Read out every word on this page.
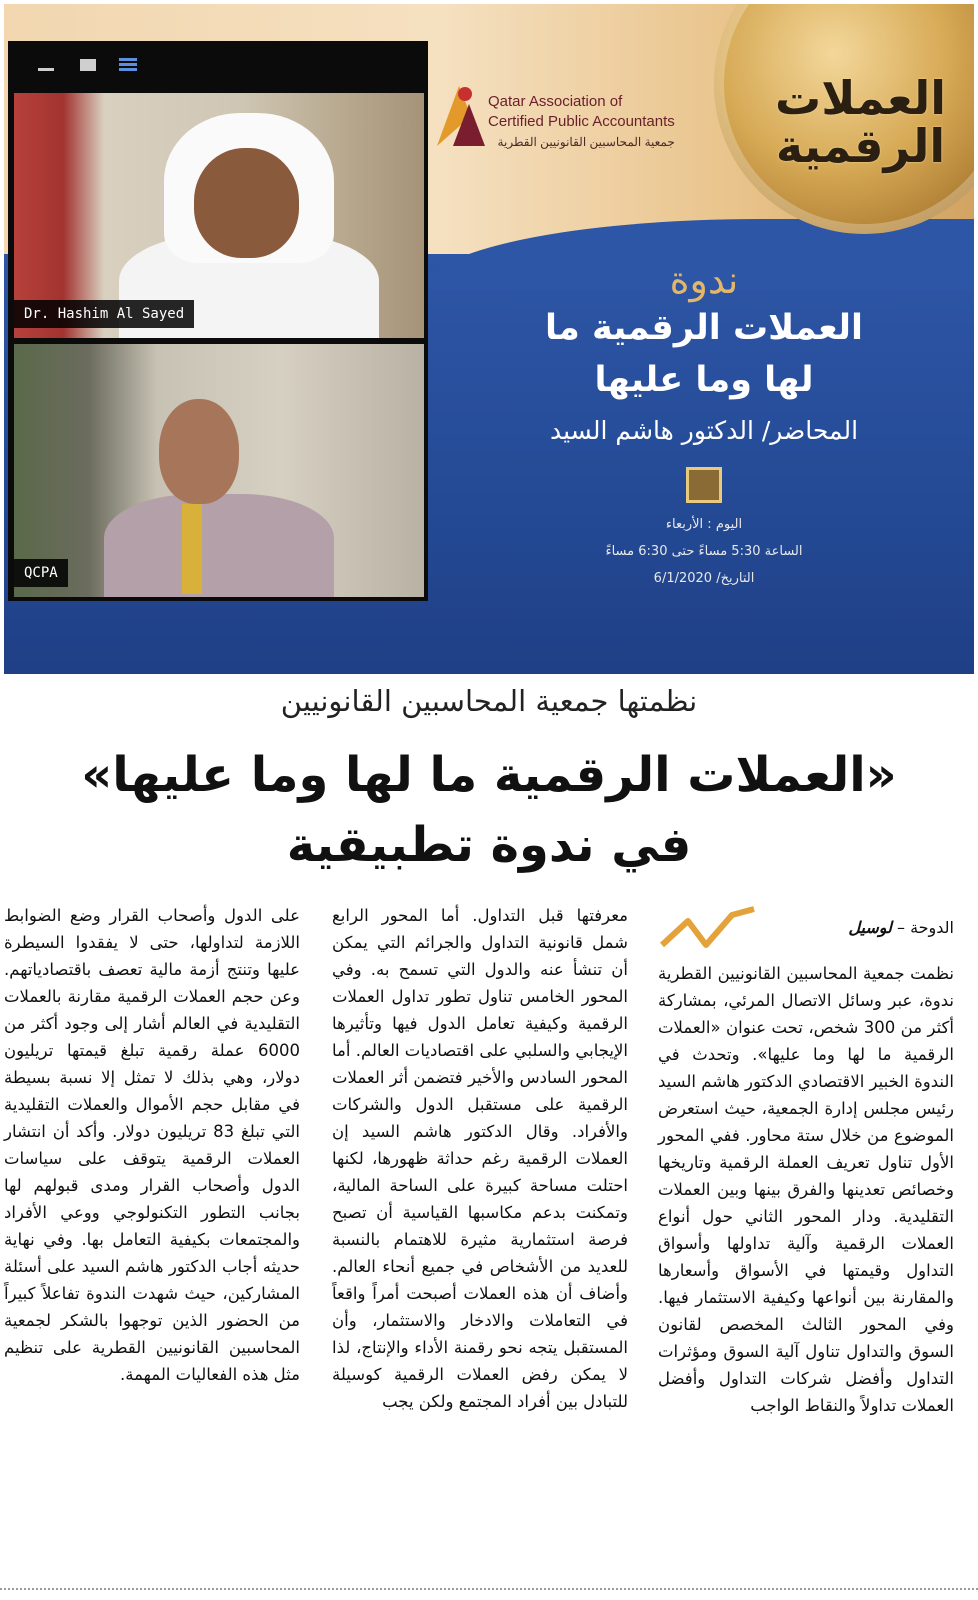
العملات
الرقمية
Qatar Association of
Certified Public Accountants
جمعية المحاسبين القانونيين القطرية
ندوة
العملات الرقمية ما
لها وما عليها
المحاضر/ الدكتور هاشم السيد
اليوم : الأربعاء
الساعة 5:30 مساءً حتى 6:30 مساءً
التاريخ/ 6/1/2020
Dr. Hashim Al Sayed
QCPA
نظمتها جمعية المحاسبين القانونيين
«العملات الرقمية ما لها وما عليها»
في ندوة تطبيقية
الدوحة – لوسيل
نظمت جمعية المحاسبين القانونيين القطرية ندوة، عبر وسائل الاتصال المرئي، بمشاركة أكثر من 300 شخص، تحت عنوان «العملات الرقمية ما لها وما عليها». وتحدث في الندوة الخبير الاقتصادي الدكتور هاشم السيد رئيس مجلس إدارة الجمعية، حيث استعرض الموضوع من خلال ستة محاور. ففي المحور الأول تناول تعريف العملة الرقمية وتاريخها وخصائص تعدينها والفرق بينها وبين العملات التقليدية. ودار المحور الثاني حول أنواع العملات الرقمية وآلية تداولها وأسواق التداول وقيمتها في الأسواق وأسعارها والمقارنة بين أنواعها وكيفية الاستثمار فيها. وفي المحور الثالث المخصص لقانون السوق والتداول تناول آلية السوق ومؤثرات التداول وأفضل شركات التداول وأفضل العملات تداولاً والنقاط الواجب
معرفتها قبل التداول. أما المحور الرابع شمل قانونية التداول والجرائم التي يمكن أن تنشأ عنه والدول التي تسمح به. وفي المحور الخامس تناول تطور تداول العملات الرقمية وكيفية تعامل الدول فيها وتأثيرها الإيجابي والسلبي على اقتصاديات العالم. أما المحور السادس والأخير فتضمن أثر العملات الرقمية على مستقبل الدول والشركات والأفراد. وقال الدكتور هاشم السيد إن العملات الرقمية رغم حداثة ظهورها، لكنها احتلت مساحة كبيرة على الساحة المالية، وتمكنت بدعم مكاسبها القياسية أن تصبح فرصة استثمارية مثيرة للاهتمام بالنسبة للعديد من الأشخاص في جميع أنحاء العالم. وأضاف أن هذه العملات أصبحت أمراً واقعاً في التعاملات والادخار والاستثمار، وأن المستقبل يتجه نحو رقمنة الأداء والإنتاج، لذا لا يمكن رفض العملات الرقمية كوسيلة للتبادل بين أفراد المجتمع ولكن يجب
على الدول وأصحاب القرار وضع الضوابط اللازمة لتداولها، حتى لا يفقدوا السيطرة عليها وتنتج أزمة مالية تعصف باقتصادياتهم. وعن حجم العملات الرقمية مقارنة بالعملات التقليدية في العالم أشار إلى وجود أكثر من 6000 عملة رقمية تبلغ قيمتها تريليون دولار، وهي بذلك لا تمثل إلا نسبة بسيطة في مقابل حجم الأموال والعملات التقليدية التي تبلغ 83 تريليون دولار. وأكد أن انتشار العملات الرقمية يتوقف على سياسات الدول وأصحاب القرار ومدى قبولهم لها بجانب التطور التكنولوجي ووعي الأفراد والمجتمعات بكيفية التعامل بها. وفي نهاية حديثه أجاب الدكتور هاشم السيد على أسئلة المشاركين، حيث شهدت الندوة تفاعلاً كبيراً من الحضور الذين توجهوا بالشكر لجمعية المحاسبين القانونيين القطرية على تنظيم مثل هذه الفعاليات المهمة.
